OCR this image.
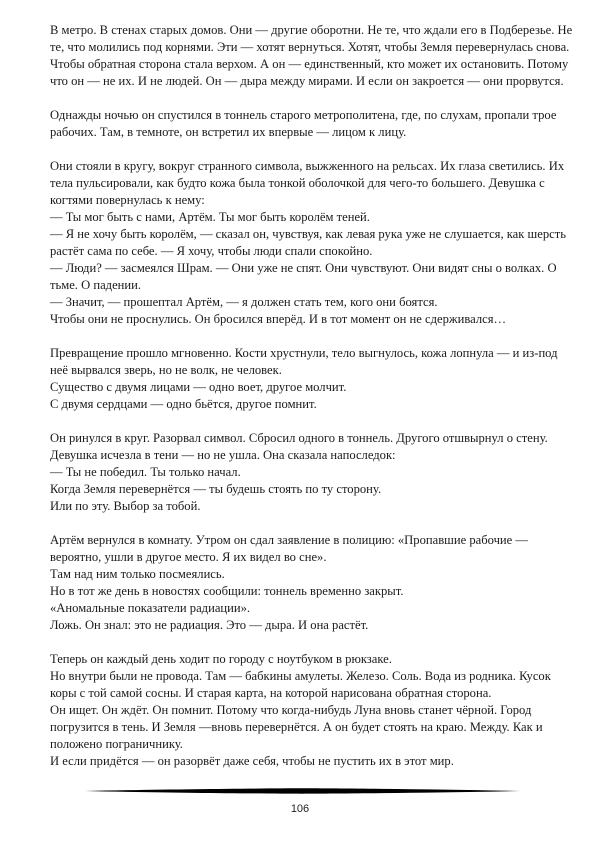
В метро. В стенах старых домов. Они — другие оборотни. Не те, что ждали его в Подберезье. Не
те, что молились под корнями. Эти — хотят вернуться. Хотят, чтобы Земля перевернулась снова.
Чтобы обратная сторона стала верхом. А он — единственный, кто может их остановить. Потому
что он — не их. И не людей. Он — дыра между мирами. И если он закроется — они прорвутся.
Однажды ночью он спустился в тоннель старого метрополитена, где, по слухам, пропали трое
рабочих. Там, в темноте, он встретил их впервые — лицом к лицу.
Они стояли в кругу, вокруг странного символа, выжженного на рельсах. Их глаза светились. Их
тела пульсировали, как будто кожа была тонкой оболочкой для чего-то большего. Девушка с
когтями повернулась к нему:
— Ты мог быть с нами, Артём. Ты мог быть королём теней.
— Я не хочу быть королём, — сказал он, чувствуя, как левая рука уже не слушается, как шерсть
растёт сама по себе. — Я хочу, чтобы люди спали спокойно.
— Люди? — засмеялся Шрам. — Они уже не спят. Они чувствуют. Они видят сны о волках. О
тьме. О падении.
— Значит, — прошептал Артём, — я должен стать тем, кого они боятся.
Чтобы они не проснулись. Он бросился вперёд. И в тот момент он не сдерживался…
Превращение прошло мгновенно. Кости хрустнули, тело выгнулось, кожа лопнула — и из-под
неё вырвался зверь, но не волк, не человек.
Существо с двумя лицами — одно воет, другое молчит.
С двумя сердцами — одно бьётся, другое помнит.
Он ринулся в круг. Разорвал символ. Сбросил одного в тоннель. Другого отшвырнул о стену.
Девушка исчезла в тени — но не ушла. Она сказала напоследок:
— Ты не победил. Ты только начал.
Когда Земля перевернётся — ты будешь стоять по ту сторону.
Или по эту. Выбор за тобой.
Артём вернулся в комнату. Утром он сдал заявление в полицию: «Пропавшие рабочие —
вероятно, ушли в другое место. Я их видел во сне».
Там над ним только посмеялись.
Но в тот же день в новостях сообщили: тоннель временно закрыт.
«Аномальные показатели радиации».
Ложь. Он знал: это не радиация. Это — дыра. И она растёт.
Теперь он каждый день ходит по городу с ноутбуком в рюкзаке.
Но внутри были не провода. Там — бабкины амулеты. Железо. Соль. Вода из родника. Кусок
коры с той самой сосны. И старая карта, на которой нарисована обратная сторона.
Он ищет. Он ждёт. Он помнит. Потому что когда-нибудь Луна вновь станет чёрной. Город
погрузится в тень. И Земля —вновь перевернётся. А он будет стоять на краю. Между. Как и
положено пограничнику.
И если придётся — он разорвёт даже себя, чтобы не пустить их в этот мир.
106
